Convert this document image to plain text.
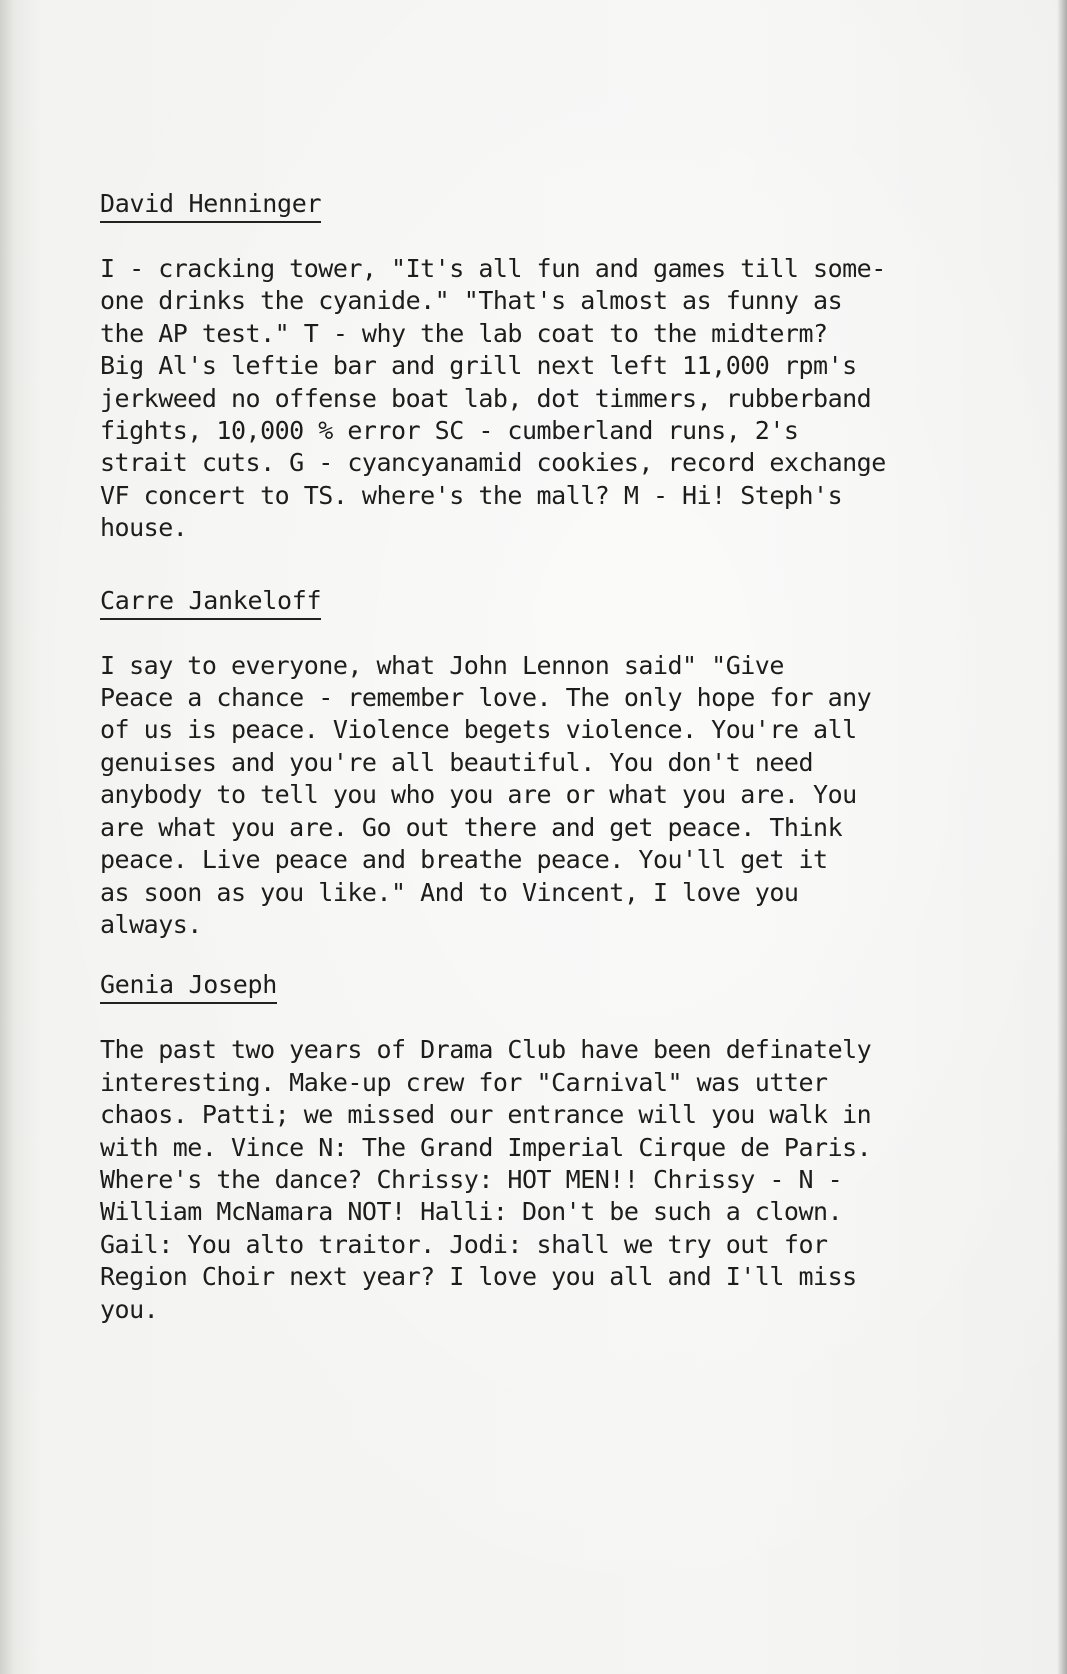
David Henninger
I - cracking tower, "It's all fun and games till some-
one drinks the cyanide." "That's almost as funny as
the AP test." T - why the lab coat to the midterm?
Big Al's leftie bar and grill next left 11,000 rpm's
jerkweed no offense boat lab, dot timmers, rubberband
fights, 10,000 % error SC - cumberland runs, 2's
strait cuts. G - cyancyanamid cookies, record exchange
VF concert to TS. where's the mall? M - Hi! Steph's
house.
Carre Jankeloff
I say to everyone, what John Lennon said" "Give
Peace a chance - remember love. The only hope for any
of us is peace. Violence begets violence. You're all
genuises and you're all beautiful. You don't need
anybody to tell you who you are or what you are. You
are what you are. Go out there and get peace. Think
peace. Live peace and breathe peace. You'll get it
as soon as you like." And to Vincent, I love you
always.
Genia Joseph
The past two years of Drama Club have been definately
interesting. Make-up crew for "Carnival" was utter
chaos. Patti; we missed our entrance will you walk in
with me. Vince N: The Grand Imperial Cirque de Paris.
Where's the dance? Chrissy: HOT MEN!! Chrissy - N -
William McNamara NOT! Halli: Don't be such a clown.
Gail: You alto traitor. Jodi: shall we try out for
Region Choir next year? I love you all and I'll miss
you.
